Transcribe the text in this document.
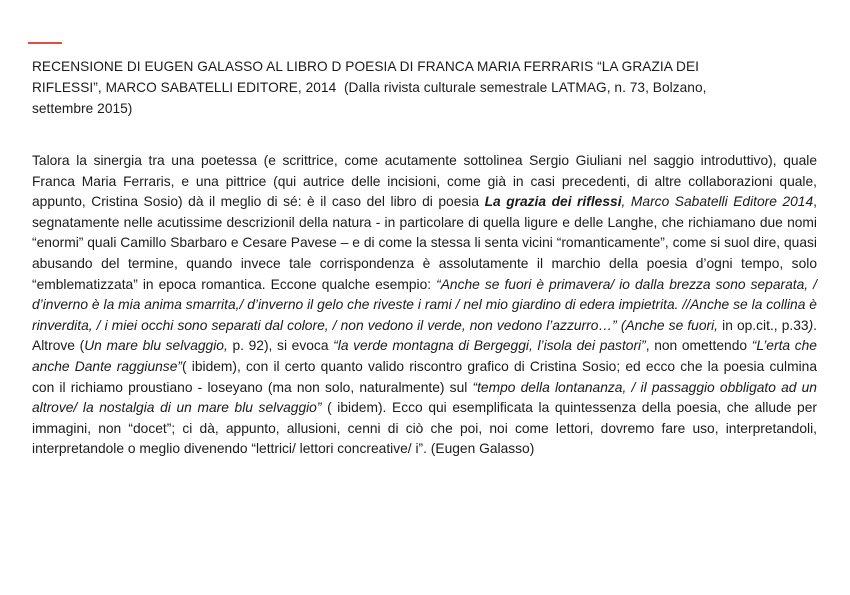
RECENSIONE DI EUGEN GALASSO AL LIBRO D POESIA DI FRANCA MARIA FERRARIS “LA GRAZIA DEI
RIFLESSI”, MARCO SABATELLI EDITORE, 2014 (Dalla rivista culturale semestrale LATMAG, n. 73, Bolzano,
settembre 2015)

Talora la sinergia tra una poetessa (e scrittrice, come acutamente sottolinea Sergio Giuliani nel saggio introduttivo), quale Franca Maria Ferraris, e una pittrice (qui autrice delle incisioni, come già in casi precedenti, di altre collaborazioni quale, appunto, Cristina Sosio) dà il meglio di sé: è il caso del libro di poesia La grazia dei riflessi, Marco Sabatelli Editore 2014, segnatamente nelle acutissime descrizionil della natura - in particolare di quella ligure e delle Langhe, che richiamano due nomi “enormi” quali Camillo Sbarbaro e Cesare Pavese – e di come la stessa li senta vicini “romanticamente”, come si suol dire, quasi abusando del termine, quando invece tale corrispondenza è assolutamente il marchio della poesia d’ogni tempo, solo “emblematizzata” in epoca romantica. Eccone qualche esempio: “Anche se fuori è primavera/ io dalla brezza sono separata, / d’inverno è la mia anima smarrita,/ d’inverno il gelo che riveste i rami / nel mio giardino di edera impietrita. //Anche se la collina è rinverdita, / i miei occhi sono separati dal colore, / non vedono il verde, non vedono l’azzurro…” (Anche se fuori, in op.cit., p.33). Altrove (Un mare blu selvaggio, p. 92), si evoca “la verde montagna di Bergeggi, l’isola dei pastori”, non omettendo “L’erta che anche Dante raggiunse”( ibidem), con il certo quanto valido riscontro grafico di Cristina Sosio; ed ecco che la poesia culmina con il richiamo proustiano - loseyano (ma non solo, naturalmente) sul “tempo della lontananza, / il passaggio obbligato ad un altrove/ la nostalgia di un mare blu selvaggio” ( ibidem). Ecco qui esemplificata la quintessenza della poesia, che allude per immagini, non “docet”; ci dà, appunto, allusioni, cenni di ciò che poi, noi come lettori, dovremo fare uso, interpretandoli, interpretandole o meglio divenendo “lettrici/ lettori concreative/ i”. (Eugen Galasso)
